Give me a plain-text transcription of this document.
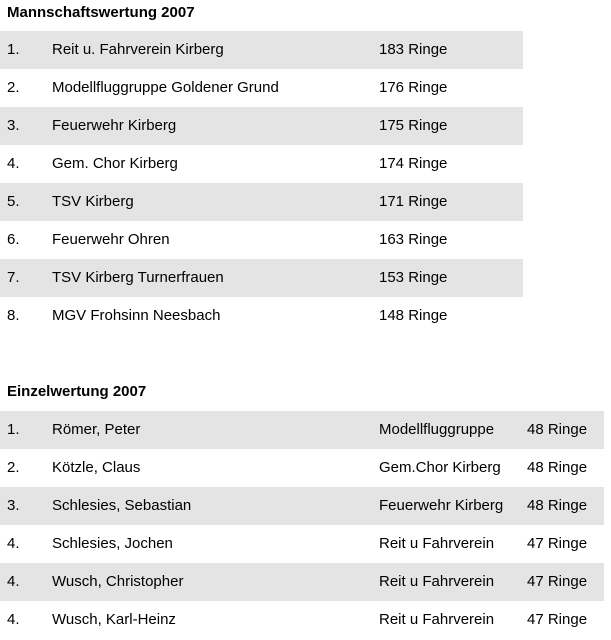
Mannschaftswertung 2007
1. Reit u. Fahrverein Kirberg	183 Ringe
2. Modellfluggruppe Goldener Grund	176 Ringe
3. Feuerwehr Kirberg	175 Ringe
4. Gem. Chor Kirberg	174 Ringe
5. TSV Kirberg	171 Ringe
6. Feuerwehr Ohren	163 Ringe
7. TSV Kirberg Turnerfrauen	153 Ringe
8. MGV Frohsinn Neesbach	148 Ringe
Einzelwertung 2007
1. Römer, Peter	Modellfluggruppe 48 Ringe
2. Kötzle, Claus	Gem.Chor Kirberg 48 Ringe
3. Schlesies, Sebastian	Feuerwehr Kirberg 48 Ringe
4. Schlesies, Jochen	Reit u Fahrverein 47 Ringe
4. Wusch, Christopher	Reit u Fahrverein 47 Ringe
4. Wusch, Karl-Heinz	Reit u Fahrverein 47 Ringe
